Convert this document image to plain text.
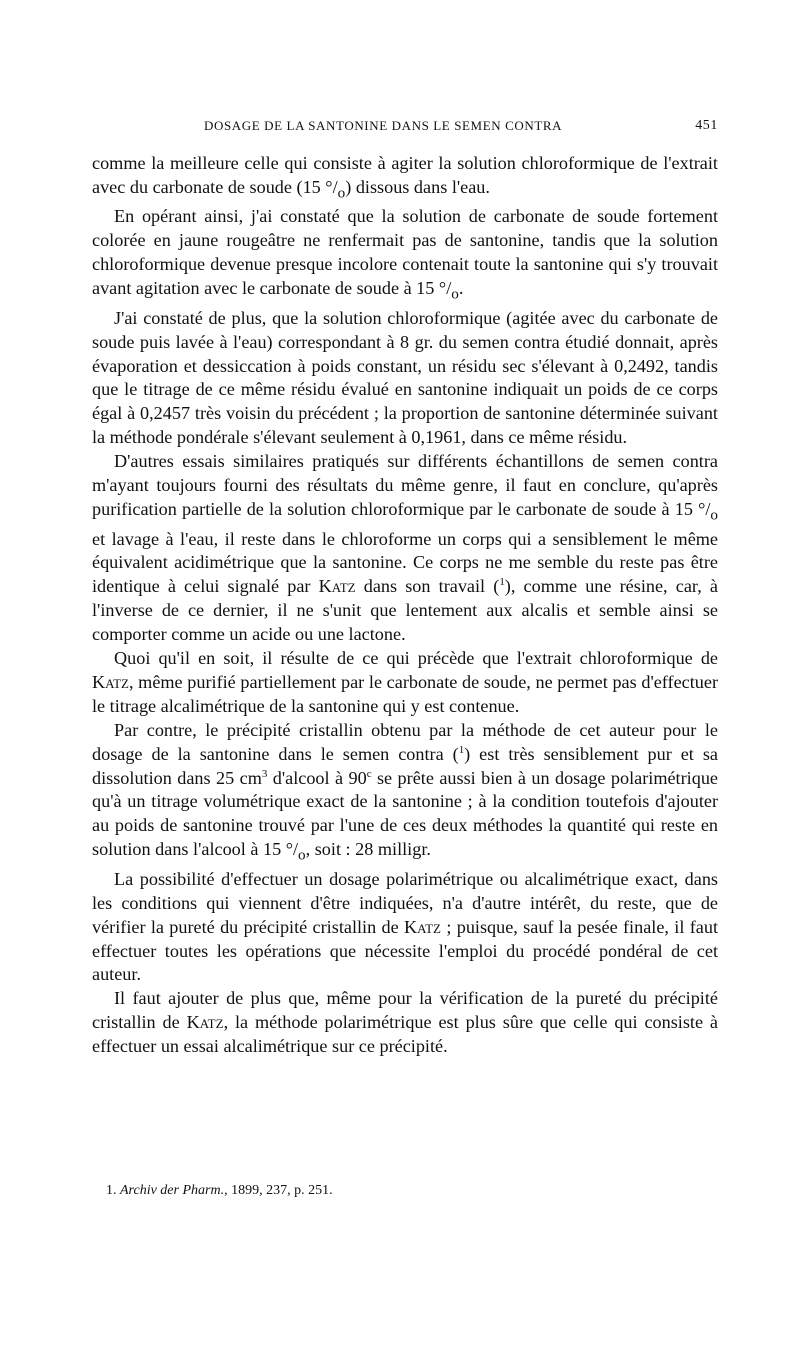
DOSAGE DE LA SANTONINE DANS LE SEMEN CONTRA	451

comme la meilleure celle qui consiste à agiter la solution chloroformique de l'extrait avec du carbonate de soude (15 $^\circ/_o$) dissous dans l'eau.

En opérant ainsi, j'ai constaté que la solution de carbonate de soude fortement colorée en jaune rougeâtre ne renfermait pas de santonine, tandis que la solution chloroformique devenue presque incolore contenait toute la santonine qui s'y trouvait avant agitation avec le carbonate de soude à 15 $^\circ/_o$.

J'ai constaté de plus, que la solution chloroformique (agitée avec du carbonate de soude puis lavée à l'eau) correspondant à 8 gr. du semen contra étudié donnait, après évaporation et dessiccation à poids constant, un résidu sec s'élevant à 0,2492, tandis que le titrage de ce même résidu évalué en santonine indiquait un poids de ce corps égal à 0,2457 très voisin du précédent ; la proportion de santonine déterminée suivant la méthode pondérale s'élevant seulement à 0,1961, dans ce même résidu.

D'autres essais similaires pratiqués sur différents échantillons de semen contra m'ayant toujours fourni des résultats du même genre, il faut en conclure, qu'après purification partielle de la solution chloroformique par le carbonate de soude à 15 $^\circ/_o$ et lavage à l'eau, il reste dans le chloroforme un corps qui a sensiblement le même équivalent acidimétrique que la santonine. Ce corps ne me semble du reste pas être identique à celui signalé par Katz dans son travail ($^1$), comme une résine, car, à l'inverse de ce dernier, il ne s'unit que lentement aux alcalis et semble ainsi se comporter comme un acide ou une lactone.

Quoi qu'il en soit, il résulte de ce qui précède que l'extrait chloroformique de Katz, même purifié partiellement par le carbonate de soude, ne permet pas d'effectuer le titrage alcalimétrique de la santonine qui y est contenue.

Par contre, le précipité cristallin obtenu par la méthode de cet auteur pour le dosage de la santonine dans le semen contra ($^1$) est très sensiblement pur et sa dissolution dans 25 $cm^3$ d'alcool à 90$^c$ se prête aussi bien à un dosage polarimétrique qu'à un titrage volumétrique exact de la santonine ; à la condition toutefois d'ajouter au poids de santonine trouvé par l'une de ces deux méthodes la quantité qui reste en solution dans l'alcool à 15 $^\circ/_o$, soit : 28 milligr.

La possibilité d'effectuer un dosage polarimétrique ou alcalimétrique exact, dans les conditions qui viennent d'être indiquées, n'a d'autre intérêt, du reste, que de vérifier la pureté du précipité cristallin de Katz ; puisque, sauf la pesée finale, il faut effectuer toutes les opérations que nécessite l'emploi du procédé pondéral de cet auteur.

Il faut ajouter de plus que, même pour la vérification de la pureté du précipité cristallin de Katz, la méthode polarimétrique est plus sûre que celle qui consiste à effectuer un essai alcalimétrique sur ce précipité.

1. Archiv der Pharm., 1899, 237, p. 251.
